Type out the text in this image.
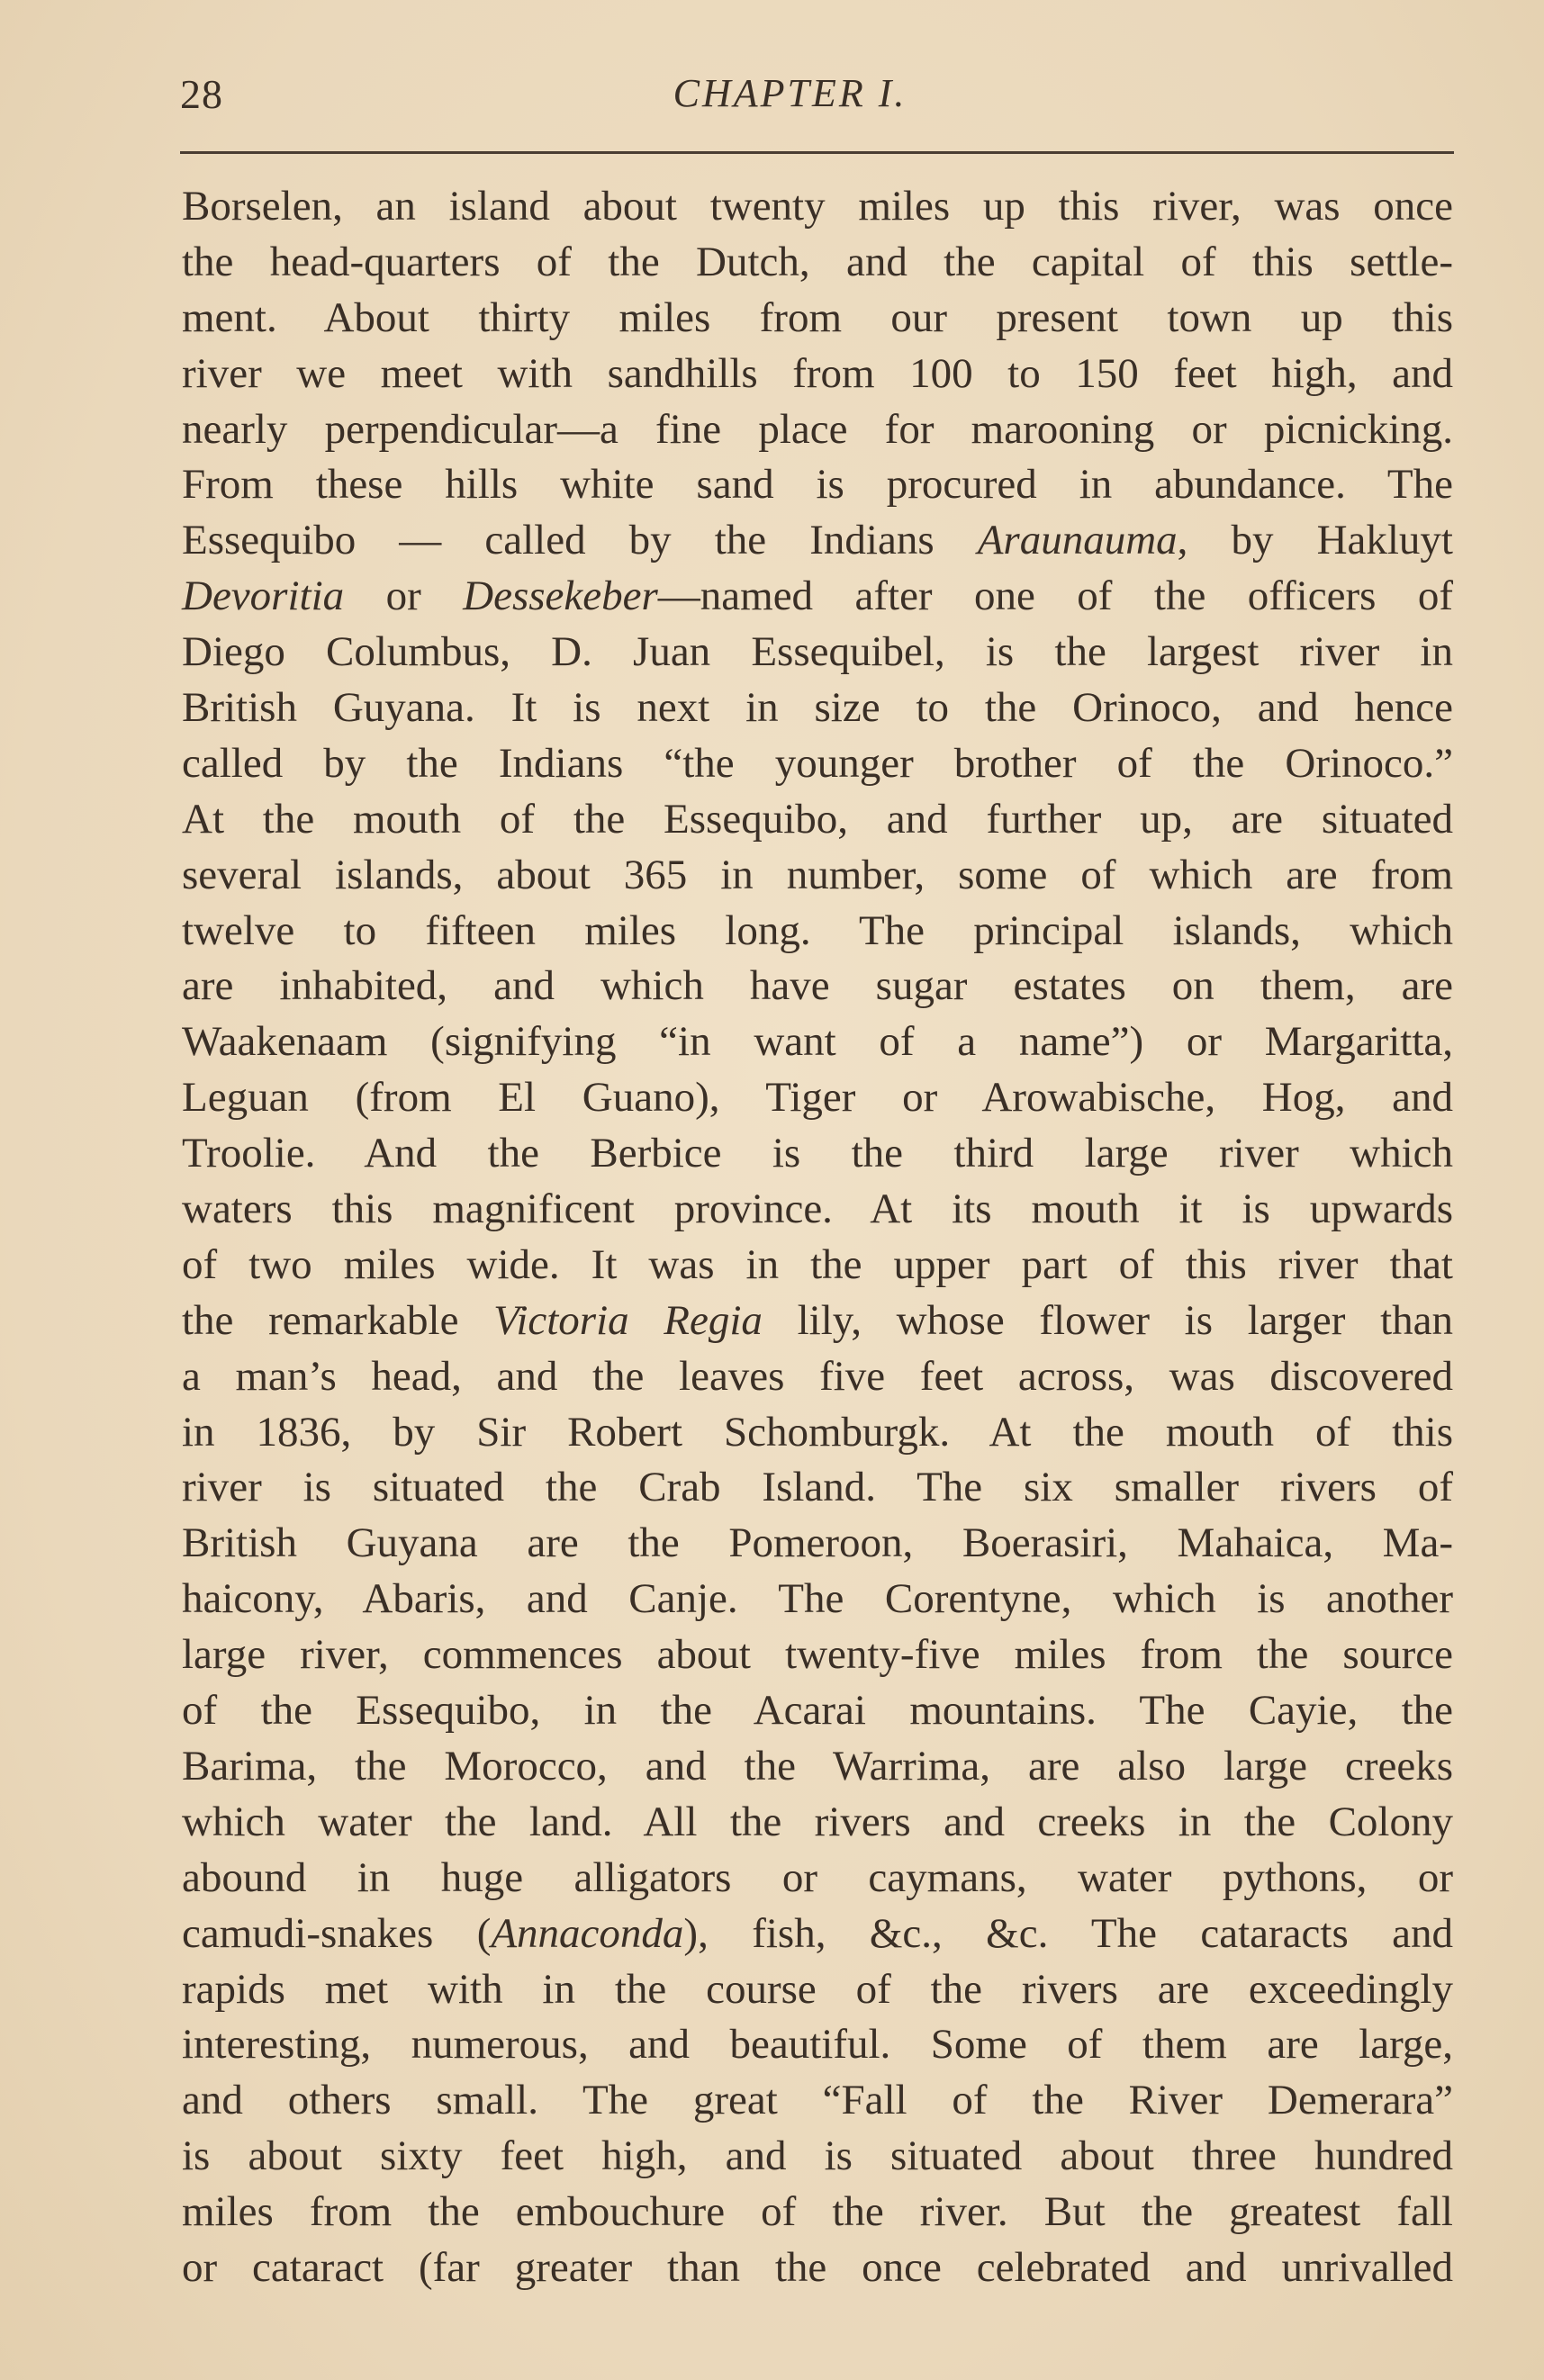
28	CHAPTER I.
Borselen, an island about twenty miles up this river, was once
the head-quarters of the Dutch, and the capital of this settle-
ment. About thirty miles from our present town up this
river we meet with sandhills from 100 to 150 feet high, and
nearly perpendicular—a fine place for marooning or picnicking.
From these hills white sand is procured in abundance. The
Essequibo — called by the Indians Araunauma, by Hakluyt
Devoritia or Dessekeber—named after one of the officers of
Diego Columbus, D. Juan Essequibel, is the largest river in
British Guyana. It is next in size to the Orinoco, and hence
called by the Indians “the younger brother of the Orinoco.”
At the mouth of the Essequibo, and further up, are situated
several islands, about 365 in number, some of which are from
twelve to fifteen miles long. The principal islands, which
are inhabited, and which have sugar estates on them, are
Waakenaam (signifying “in want of a name”) or Margaritta,
Leguan (from El Guano), Tiger or Arowabische, Hog, and
Troolie. And the Berbice is the third large river which
waters this magnificent province. At its mouth it is upwards
of two miles wide. It was in the upper part of this river that
the remarkable Victoria Regia lily, whose flower is larger than
a man’s head, and the leaves five feet across, was discovered
in 1836, by Sir Robert Schomburgk. At the mouth of this
river is situated the Crab Island. The six smaller rivers of
British Guyana are the Pomeroon, Boerasiri, Mahaica, Ma-
haicony, Abaris, and Canje. The Corentyne, which is another
large river, commences about twenty-five miles from the source
of the Essequibo, in the Acarai mountains. The Cayie, the
Barima, the Morocco, and the Warrima, are also large creeks
which water the land. All the rivers and creeks in the Colony
abound in huge alligators or caymans, water pythons, or
camudi-snakes (Annaconda), fish, &c., &c. The cataracts and
rapids met with in the course of the rivers are exceedingly
interesting, numerous, and beautiful. Some of them are large,
and others small. The great “Fall of the River Demerara”
is about sixty feet high, and is situated about three hundred
miles from the embouchure of the river. But the greatest fall
or cataract (far greater than the once celebrated and unrivalled
